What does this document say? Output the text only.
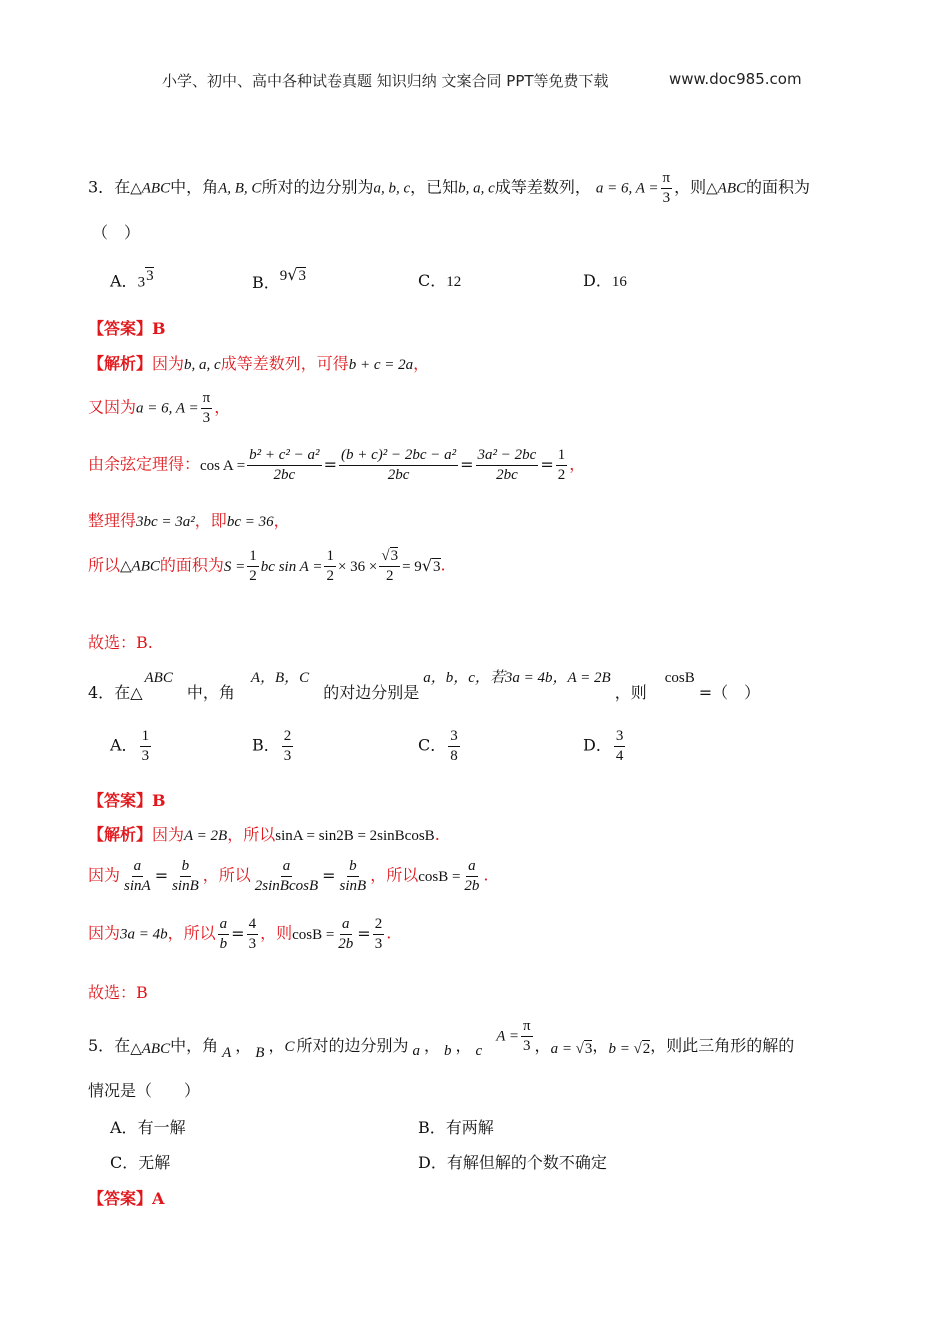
小学、初中、高中各种试卷真题 知识归纳 文案合同 PPT等免费下载	www.doc985.com
3．在△ABC中，角A, B, C所对的边分别为a, b, c，已知b, a, c成等差数列， a = 6, $A = \frac{\pi}{3}$ ，则△ABC的面积为
（　）
A．$3^3$	B．9√3	C．12	D．16
【答案】B
【解析】因为b, a, c成等差数列，可得b + c = 2a，
又因为a = 6, $A = \frac{\pi}{3}$ ，
由余弦定理得：$\cos A = \frac{\text{b² + c² − a²}}{2bc} = \frac{\text{(b + c)² − 2bc − a²}}{2bc} = \frac{\text{3a² − 2bc}}{2bc} = \frac{1}{2}$ ，
整理得3bc = 3a²，即bc = 36，
所以△ABC的面积为$S = \frac{1}{2}$ bc $\sin A = \frac{1}{2} \times 36 \times \frac{√3}{2} = 9√3$.
故选：B.
4．在△ABC中，角A，B，C的对边分别是a，b，c，若3a = 4b，A = 2B，则cosB=（　）
A． $\frac{1}{3}$	B． $\frac{2}{3}$	C． $\frac{3}{8}$	D． $\frac{3}{4}$
【答案】B
【解析】因为A = 2B，所以sinA = sin2B = 2sinBcosB.
因为 $\frac{a}{\sin A} = \frac{b}{\sin B}$ ，所以 $\frac{a}{\text{2sinBcosB}} = \frac{b}{\sin B}$ ，所以$\cos B = \frac{a}{2b}$ .
因为3a = 4b，所以 $\frac{a}{b} = \frac{4}{3}$ ，则$\cos B = \frac{a}{2b} = \frac{2}{3}$ .
故选：B
5．在△ABC中，角 A ， B ，C 所对的边分别为 a ， b ， cA = $\frac{\pi}{3}$ ，a = √3，b = √2，则此三角形的解的
情况是（　　）
A．有一解	B．有两解
C．无解	D．有解但解的个数不确定
【答案】A
